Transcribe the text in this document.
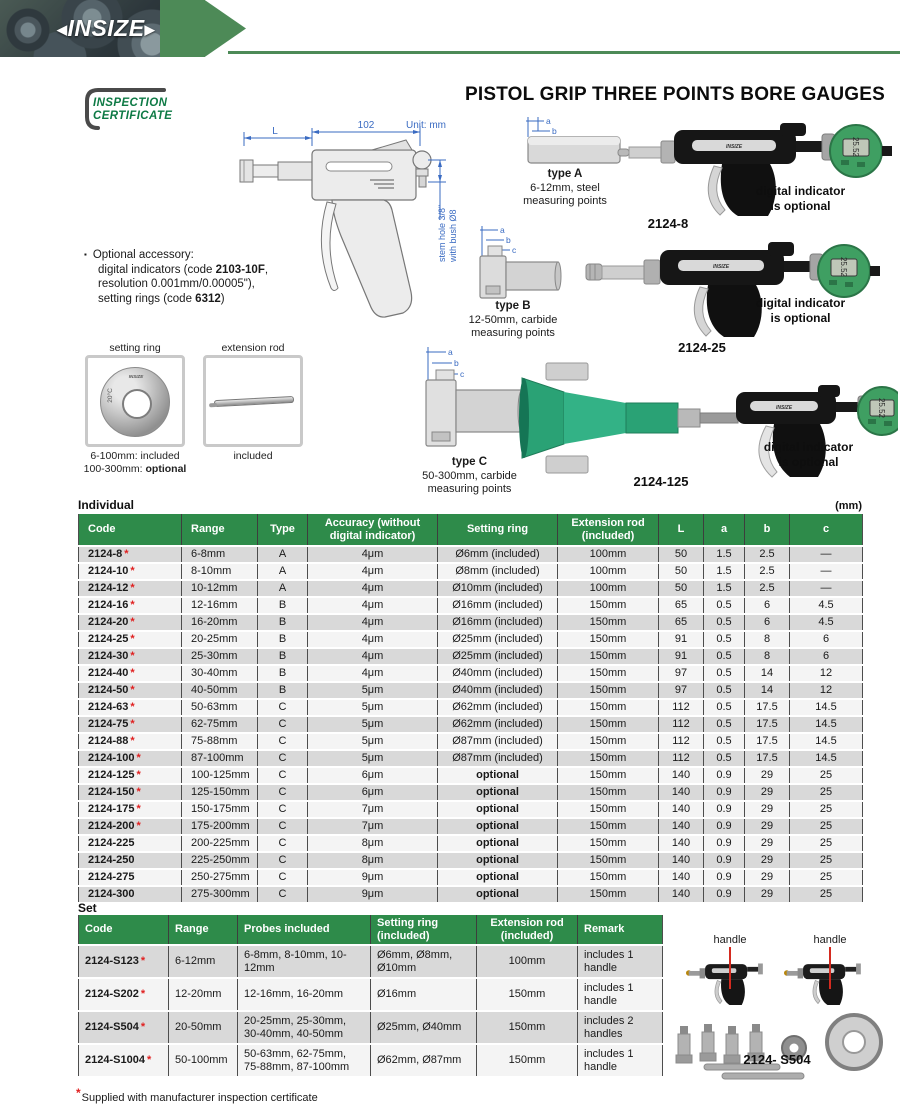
◀INSIZE▶
PISTOL GRIP THREE POINTS BORE GAUGES
INSPECTION
CERTIFICATE
L
102	Unit: mm
stem hole 3/8" with bush Ø8
▪ Optional accessory:
digital indicators (code 2103-10F,
resolution 0.001mm/0.00005"),
setting rings (code 6312)
setting ring
INSIZE
20°C
6-100mm: included
100-300mm: optional
extension rod
included
a
b
type A
6-12mm, steel
measuring points
INSIZE	25.52
2124-8
digital indicator
is optional
a
b
c
type B
12-50mm, carbide
measuring points
INSIZE	25.52
2124-25
digital indicator
is optional
a
b
c
type C
50-300mm, carbide
measuring points
INSIZE	25.52
2124-125
digital indicator
is optional
Individual	(mm)
Code	Range	Type	Accuracy (without digital indicator)	Setting ring	Extension rod (included)	L	a	b	c
2124-8 *	6-8mm	A	4μm	Ø6mm (included)	100mm	50	1.5	2.5	—
2124-10 *	8-10mm	A	4μm	Ø8mm (included)	100mm	50	1.5	2.5	—
2124-12 *	10-12mm	A	4μm	Ø10mm (included)	100mm	50	1.5	2.5	—
2124-16 *	12-16mm	B	4μm	Ø16mm (included)	150mm	65	0.5	6	4.5
2124-20 *	16-20mm	B	4μm	Ø16mm (included)	150mm	65	0.5	6	4.5
2124-25 *	20-25mm	B	4μm	Ø25mm (included)	150mm	91	0.5	8	6
2124-30 *	25-30mm	B	4μm	Ø25mm (included)	150mm	91	0.5	8	6
2124-40 *	30-40mm	B	4μm	Ø40mm (included)	150mm	97	0.5	14	12
2124-50 *	40-50mm	B	5μm	Ø40mm (included)	150mm	97	0.5	14	12
2124-63 *	50-63mm	C	5μm	Ø62mm (included)	150mm	112	0.5	17.5	14.5
2124-75 *	62-75mm	C	5μm	Ø62mm (included)	150mm	112	0.5	17.5	14.5
2124-88 *	75-88mm	C	5μm	Ø87mm (included)	150mm	112	0.5	17.5	14.5
2124-100 *	87-100mm	C	5μm	Ø87mm (included)	150mm	112	0.5	17.5	14.5
2124-125 *	100-125mm	C	6μm	optional	150mm	140	0.9	29	25
2124-150 *	125-150mm	C	6μm	optional	150mm	140	0.9	29	25
2124-175 *	150-175mm	C	7μm	optional	150mm	140	0.9	29	25
2124-200 *	175-200mm	C	7μm	optional	150mm	140	0.9	29	25
2124-225	200-225mm	C	8μm	optional	150mm	140	0.9	29	25
2124-250	225-250mm	C	8μm	optional	150mm	140	0.9	29	25
2124-275	250-275mm	C	9μm	optional	150mm	140	0.9	29	25
2124-300	275-300mm	C	9μm	optional	150mm	140	0.9	29	25
Set
Code	Range	Probes included	Setting ring (included)	Extension rod (included)	Remark
2124-S123 *	6-12mm	6-8mm, 8-10mm, 10-12mm	Ø6mm, Ø8mm, Ø10mm	100mm	includes 1 handle
2124-S202 *	12-20mm	12-16mm, 16-20mm	Ø16mm	150mm	includes 1 handle
2124-S504 *	20-50mm	20-25mm, 25-30mm, 30-40mm, 40-50mm	Ø25mm, Ø40mm	150mm	includes 2 handles
2124-S1004 *	50-100mm	50-63mm, 62-75mm, 75-88mm, 87-100mm	Ø62mm, Ø87mm	150mm	includes 1 handle
handle	handle
2124- S504
*Supplied with manufacturer inspection certificate
